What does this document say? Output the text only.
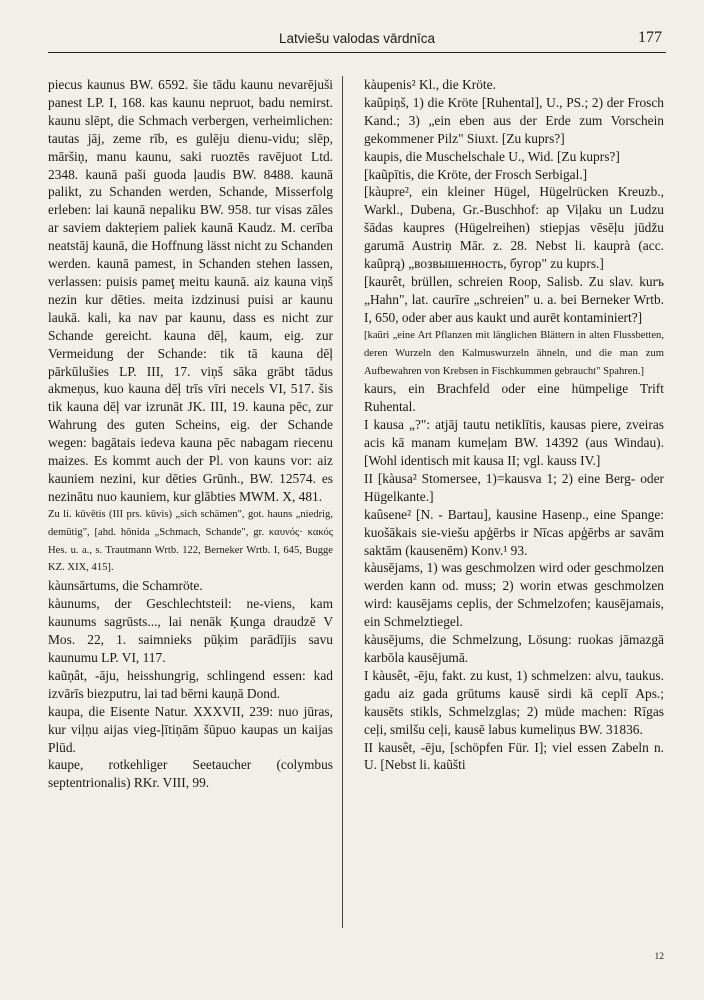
Latviešu valodas vārdnīca	177

piecus kaunus BW. 6592. šie tādu kaunu nevarējuši panest LP. I, 168. kas kaunu nepruot, badu nemirst. kaunu slēpt, die Schmach verbergen, verheimlichen: tautas jāj, zeme rīb, es gulēju dienu-vidu; slēp, māršiņ, manu kaunu, saki ruoztēs ravējuot Ltd. 2348. kaunā paši guoda ļaudis BW. 8488. kaunā palikt, zu Schanden werden, Schande, Misserfolg erleben: lai kaunā nepaliku BW. 958. tur visas zāles ar saviem dakteŗiem paliek kaunā Kaudz. M. cerība neatstāj kaunā, die Hoffnung lässt nicht zu Schanden werden. kaunā pamest, in Schanden stehen lassen, verlassen: puisis pameţ meitu kaunā. aiz kauna viņš nezin kur dēties. meita izdzinusi puisi ar kaunu laukā. kali, ka nav par kaunu, dass es nicht zur Schande gereicht. kauna dēļ, kaum, eig. zur Vermeidung der Schande: tik tā kauna dēļ pārkūlušies LP. III, 17. viņš sāka grābt tādus akmeņus, kuo kauna dēļ trīs vīri necels VI, 517. šis tik kauna dēļ var izrunāt JK. III, 19. kauna pēc, zur Wahrung des guten Scheins, eig. der Schande wegen: bagātais iedeva kauna pēc nabagam riecenu maizes. Es kommt auch der Pl. von kauns vor: aiz kauniem nezini, kur dēties Grūnh., BW. 12574. es nezinātu nuo kauniem, kur glābties MWM. X, 481.

Zu li. kūvētis (III prs. kūvis) „sich schämen", got. hauns „niedrig, demütig", [ahd. hōnida „Schmach, Schande", gr. καυνός· κακός Hes. u. a., s. Trautmann Wrtb. 122, Berneker Wrtb. I, 645, Bugge KZ. XIX, 415].

kàunsārtums, die Schamröte.

kàunums, der Geschlechtsteil: ne-viens, kam kaunums sagrūsts..., lai nenāk Ķunga draudzē V Mos. 22, 1. saimnieks pūķim parādījis savu kaunumu LP. VI, 117.

kaũņât, -āju, heisshungrig, schlingend essen: kad izvārīs biezputru, lai tad bērni kauņā Dond.

kaupa, die Eisente Natur. XXXVII, 239: nuo jūras, kur viļņu aijas vieg-ļītiņām šūpuo kaupas un kaijas Plūd.

kaupe, rotkehliger Seetaucher (colymbus septentrionalis) RKr. VIII, 99.

kàupenis² Kl., die Kröte.

kaũpiņš, 1) die Kröte [Ruhental], U., PS.; 2) der Frosch Kand.; 3) „ein eben aus der Erde zum Vorschein gekommener Pilz" Siuxt. [Zu kuprs?]

kaupis, die Muschelschale U., Wid. [Zu kuprs?]

[kaũpītis, die Kröte, der Frosch Serbigal.]

[kàupre², ein kleiner Hügel, Hügelrücken Kreuzb., Warkl., Dubena, Gr.-Buschhof: ap Viļaku un Ludzu šādas kaupres (Hügelreihen) stiepjas vēsēļu jūdžu garumā Austriņ Mār. z. 28. Nebst li. kauprà (acc. kaũprą) „возвышенность, бугор" zu kuprs.]

[kaurêt, brüllen, schreien Roop, Salisb. Zu slav. kurъ „Hahn", lat. caurīre „schreien" u. a. bei Berneker Wrtb. I, 650, oder aber aus kaukt und aurēt kontaminiert?]

[kaũri „eine Art Pflanzen mit länglichen Blättern in alten Flussbetten, deren Wurzeln den Kalmuswurzeln ähneln, und die man zum Aufbewahren von Krebsen in Fischkummen gebraucht" Spahren.]

kaurs, ein Brachfeld oder eine hümpelige Trift Ruhental.

I kausa „?": atjāj tautu netiklītis, kausas piere, zveiras acis kā manam kumeļam BW. 14392 (aus Windau). [Wohl identisch mit kausa II; vgl. kauss IV.]

II [kàusa² Stomersee, 1)=kausva 1; 2) eine Berg- oder Hügelkante.]

kaûsene² [N. - Bartau], kausine Hasenp., eine Spange: kuošākais sie-viešu apģērbs ir Nīcas apģērbs ar savām saktām (kausenēm) Konv.¹ 93.

kàusējams, 1) was geschmolzen wird oder geschmolzen werden kann od. muss; 2) worin etwas geschmolzen wird: kausējams ceplis, der Schmelzofen; kausējamais, ein Schmelztiegel.

kàusējums, die Schmelzung, Lösung: ruokas jāmazgā karbōla kausējumā.

I kàusêt, -ēju, fakt. zu kust, 1) schmelzen: alvu, taukus. gadu aiz gada grūtums kausē sirdi kā ceplī Aps.; kausēts stikls, Schmelzglas; 2) müde machen: Rīgas ceļi, smilšu ceļi, kausē labus kumeliņus BW. 31836.

II kausêt, -ēju, [schöpfen Für. I]; viel essen Zabeln n. U. [Nebst li. kaũšti

12
